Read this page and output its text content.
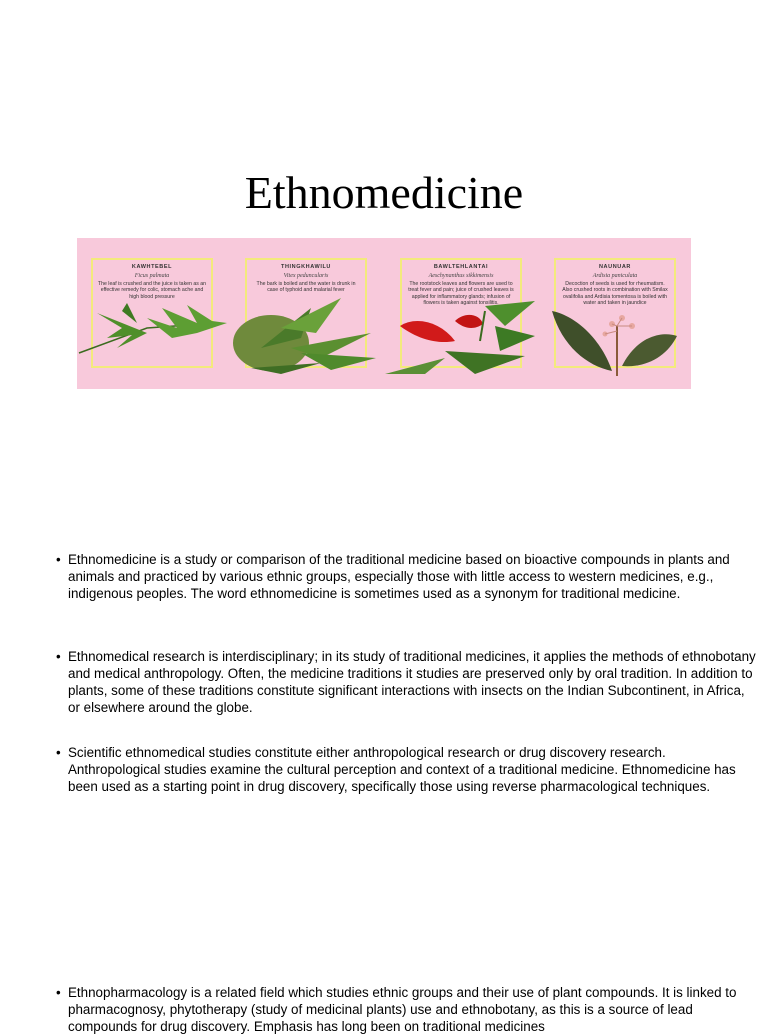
Ethnomedicine
KAWHTEBEL
Ficus palmata
The leaf is crushed and the juice is taken as an effective remedy for colic, stomach ache and high blood pressure
THINGKHAWILU
Vitex peduncularis
The bark is boiled and the water is drunk in case of typhoid and malarial fever
BAWLTEHLANTAI
Aeschynanthus sikkimensis
The rootstock leaves and flowers are used to treat fever and pain; juice of crushed leaves is applied for inflammatory glands; infusion of flowers is taken against tonsilitis.
NAUNUAR
Ardisia paniculata
Decoction of seeds is used for rheumatism. Also crushed roots in combination with Smilax ovalifolia and Ardisia tomentosa is boiled with water and taken in jaundice
• Ethnomedicine is a study or comparison of the traditional medicine based on bioactive compounds in plants and animals and practiced by various ethnic groups, especially those with little access to western medicines, e.g., indigenous peoples. The word ethnomedicine is sometimes used as a synonym for traditional medicine.
• Ethnomedical research is interdisciplinary; in its study of traditional medicines, it applies the methods of ethnobotany and medical anthropology. Often, the medicine traditions it studies are preserved only by oral tradition. In addition to plants, some of these traditions constitute significant interactions with insects on the Indian Subcontinent, in Africa, or elsewhere around the globe.
• Scientific ethnomedical studies constitute either anthropological research or drug discovery research. Anthropological studies examine the cultural perception and context of a traditional medicine. Ethnomedicine has been used as a starting point in drug discovery, specifically those using reverse pharmacological techniques.
• Ethnopharmacology is a related field which studies ethnic groups and their use of plant compounds. It is linked to pharmacognosy, phytotherapy (study of medicinal plants) use and ethnobotany, as this is a source of lead compounds for drug discovery. Emphasis has long been on traditional medicines
